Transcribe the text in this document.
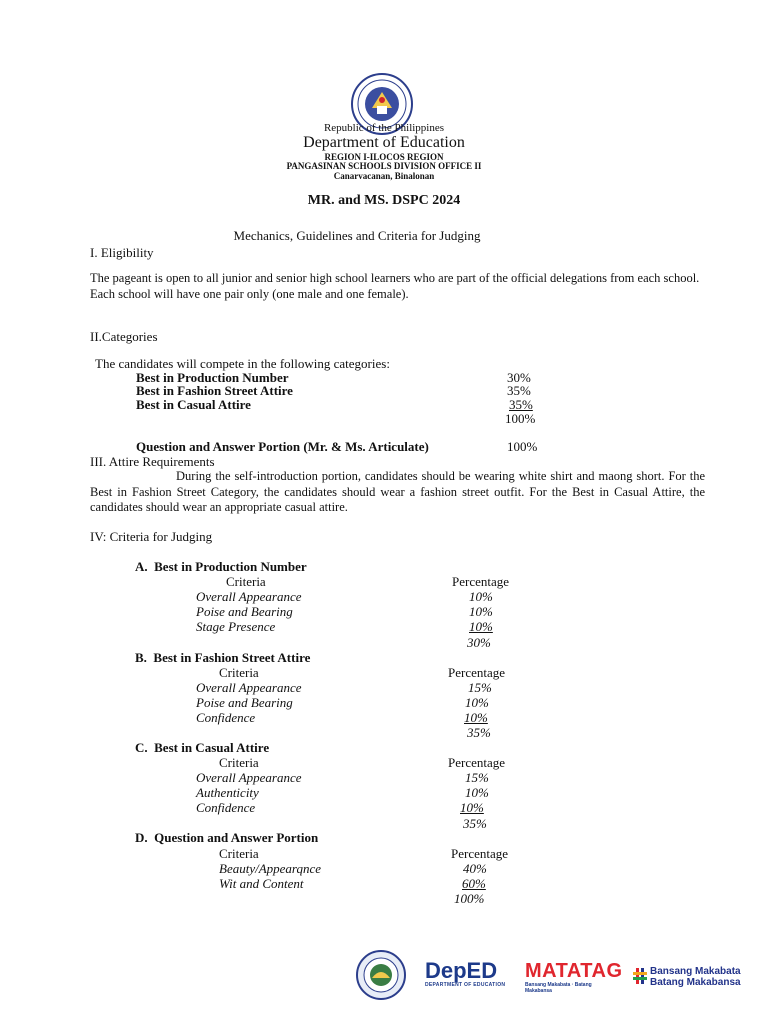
Republic of the Philippines
Department of Education
REGION I-ILOCOS REGION
PANGASINAN SCHOOLS DIVISION OFFICE II
Canarvacanan, Binalonan
MR. and MS. DSPC 2024
Mechanics, Guidelines and Criteria for Judging
I. Eligibility
The pageant is open to all junior and senior high school learners who are part of the official delegations from each school. Each school will have one pair only (one male and one female).
II.Categories
The candidates will compete in the following categories:
Best in Production Number	30%
Best in Fashion Street Attire	35%
Best in Casual Attire	35%
100%
Question and Answer Portion (Mr. & Ms. Articulate)	100%
III. Attire Requirements
During the self-introduction portion, candidates should be wearing white shirt and maong short. For the Best in Fashion Street Category, the candidates should wear a fashion street outfit. For the Best in Casual Attire, the candidates should wear an appropriate casual attire.
IV: Criteria for Judging
A. Best in Production Number
Criteria	Percentage
Overall Appearance	10%
Poise and Bearing	10%
Stage Presence	10%
30%
B. Best in Fashion Street Attire
Criteria	Percentage
Overall Appearance	15%
Poise and Bearing	10%
Confidence	10%
35%
C. Best in Casual Attire
Criteria	Percentage
Overall Appearance	15%
Authenticity	10%
Confidence	10%
35%
D. Question and Answer Portion
Criteria	Percentage
Beauty/Appearqnce	40%
Wit and Content	60%
100%
DepED
DEPARTMENT OF EDUCATION
MATATAG
Bansang Makabata · Batang Makabansa
Bansang Makabata
Batang Makabansa
